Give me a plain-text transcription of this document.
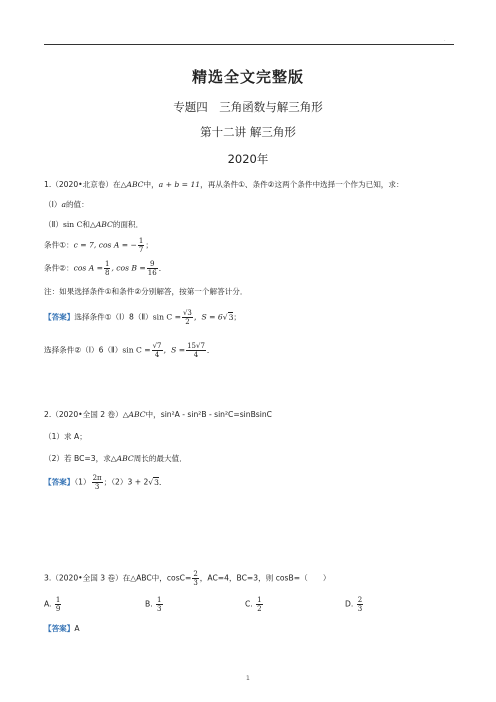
·
精选全文完整版
专题四　三角函数与解三角形
第十二讲 解三角形
2020年
1.（2020•北京卷）在△ABC中，a + b = 11，再从条件①、条件②这两个条件中选择一个作为已知，求：
（Ⅰ）a的值：
（Ⅱ）sin C和△ABC的面积．
条件①：c = 7, cos A = − $\frac{1}{7}$ ；
条件②：$\cos A = \frac{1}{8}$ , $\cos B = \frac{9}{16}$ ．
注：如果选择条件①和条件②分别解答，按第一个解答计分．
【答案】选择条件①（Ⅰ）8（Ⅱ）sin $C = \frac{√3}{2}$ ，S = 6√3；
选择条件②（Ⅰ）6（Ⅱ）sin $C = \frac{√7}{4}$ ，$S = \frac{15√7}{4}$ ．
2.（2020•全国 2 卷）△ABC中，sin²A - sin²B - sin²C=sinBsinC
（1）求 A；
（2）若 BC=3，求△ABC周长的最大值．
【答案】$(1) \frac{2\pi}{3}$ ；（2）3 + 2√3．
3.（2020•全国 3 卷）在△ABC中，$\cos C= \frac{2}{3}$ ，AC=4，BC=3，则 cosB=（　　）
A. $\frac{1}{9}$	B. $\frac{1}{3}$	C. $\frac{1}{2}$	D. $\frac{2}{3}$
【答案】A
1
